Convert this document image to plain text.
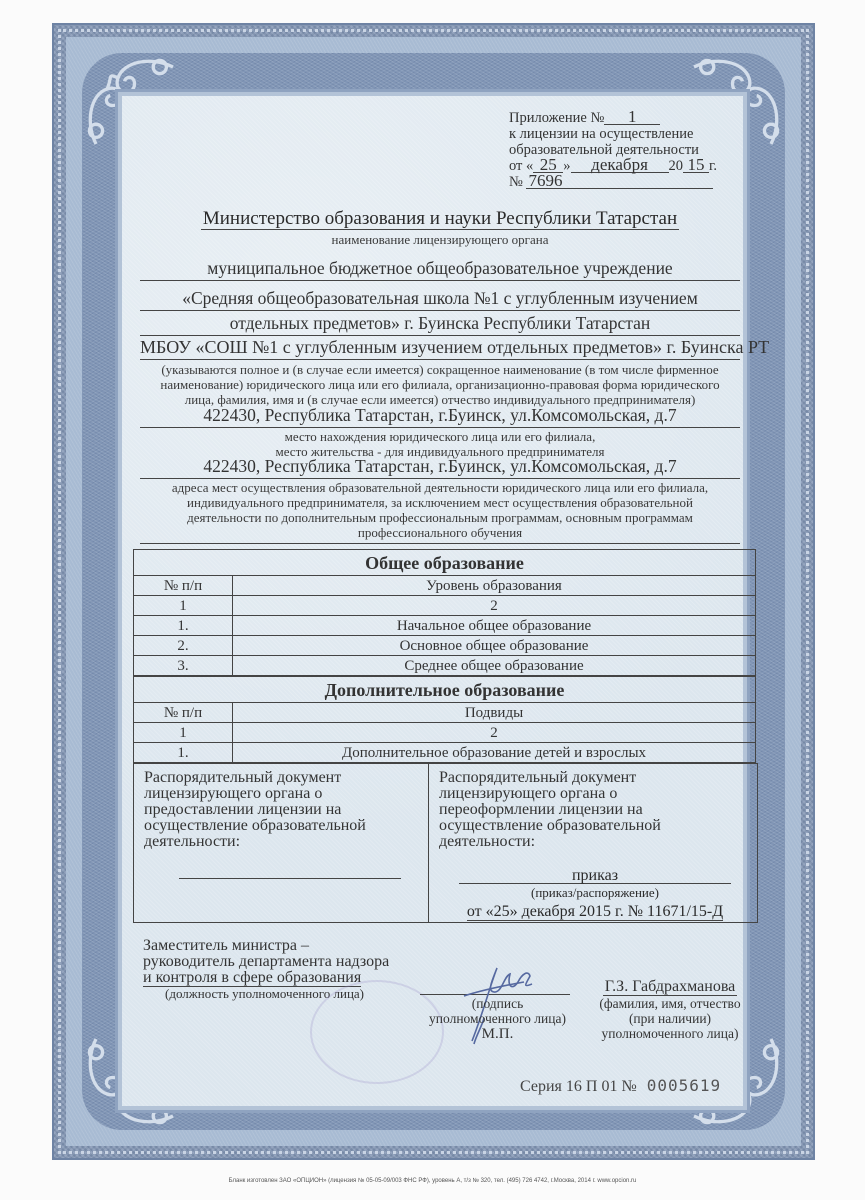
Приложение № 1
к лицензии на осуществление
образовательной деятельности
от « 25 » декабря 20 15 г.
№ 7696
Министерство образования и науки Республики Татарстан
наименование лицензирующего органа
муниципальное бюджетное общеобразовательное учреждение
«Средняя общеобразовательная школа №1 с углубленным изучением
отдельных предметов» г. Буинска Республики Татарстан
МБОУ «СОШ №1 с углубленным изучением отдельных предметов» г. Буинска РТ
(указываются полное и (в случае если имеется) сокращенное наименование (в том числе фирменное
наименование) юридического лица или его филиала, организационно-правовая форма юридического
лица, фамилия, имя и (в случае если имеется) отчество индивидуального предпринимателя)
422430, Республика Татарстан, г.Буинск, ул.Комсомольская, д.7
место нахождения юридического лица или его филиала,
место жительства - для индивидуального предпринимателя
422430, Республика Татарстан, г.Буинск, ул.Комсомольская, д.7
адреса мест осуществления образовательной деятельности юридического лица или его филиала,
индивидуального предпринимателя, за исключением мест осуществления образовательной
деятельности по дополнительным профессиональным программам, основным программам
профессионального обучения
Общее образование	
№ п/п	Уровень образования
1	2
1.	Начальное общее образование
2.	Основное общее образование
3.	Среднее общее образование
Дополнительное образование	
№ п/п	Подвиды
1	2
1.	Дополнительное образование детей и взрослых
Распорядительный документ
лицензирующего органа о
предоставлении лицензии на
осуществление образовательной
деятельности:
Распорядительный документ
лицензирующего органа о
переоформлении лицензии на
осуществление образовательной
деятельности:
приказ
(приказ/распоряжение)
от «25» декабря 2015 г. № 11671/15-Д
Заместитель министра –
руководитель департамента надзора
и контроля в сфере образования
(должность уполномоченного лица)
(подпись
уполномоченного лица)
М.П.
Г.З. Габдрахманова
(фамилия, имя, отчество
(при наличии)
уполномоченного лица)
Серия 16 П 01 № 0005619
Бланк изготовлен ЗАО «ОПЦИОН» (лицензия № 05-05-09/003 ФНС РФ), уровень А, т/з № 320, тел. (495) 726 4742, г.Москва, 2014 г. www.opcion.ru
